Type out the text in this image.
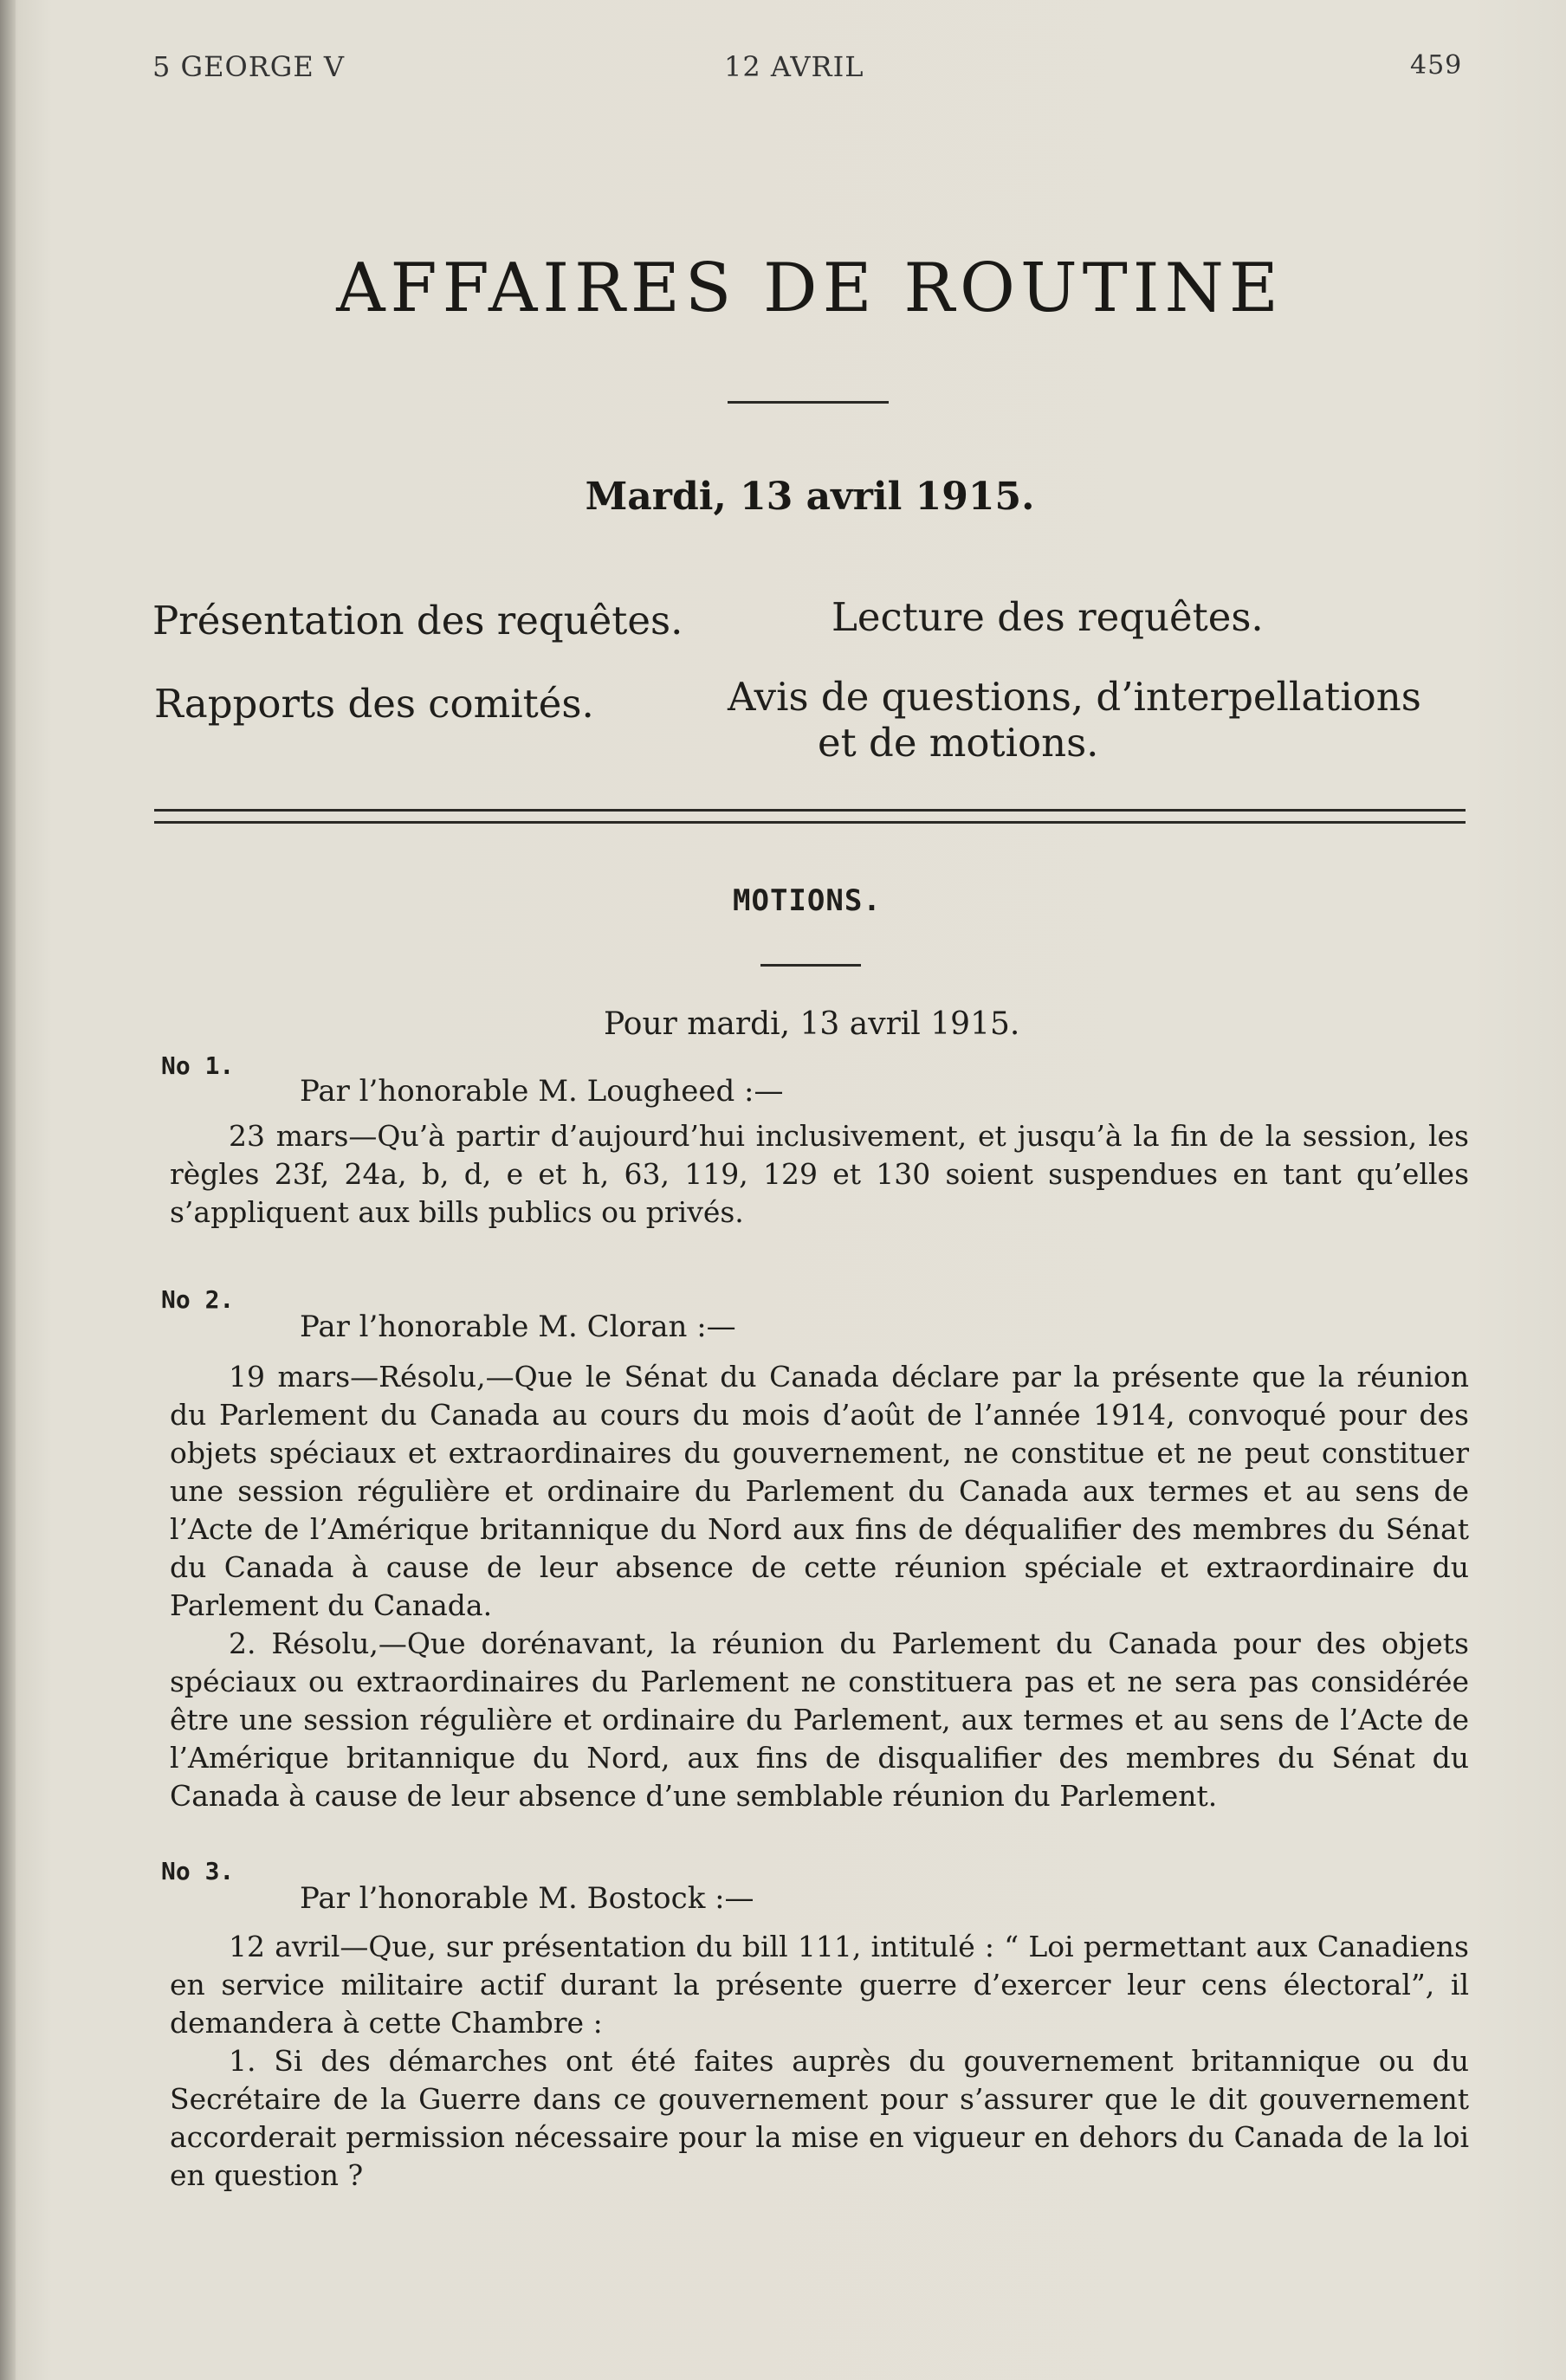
5 GEORGE V	12 AVRIL	459
AFFAIRES DE ROUTINE
Mardi, 13 avril 1915.
Présentation des requêtes.	Lecture des requêtes.
Rapports des comités.	Avis de questions, d’interpellations
et de motions.
MOTIONS.
Pour mardi, 13 avril 1915.
No 1.
Par l’honorable M. Lougheed :—

23 mars—Qu’à partir d’aujourd’hui inclusivement, et jusqu’à la fin de la session, les règles 23f, 24a, b, d, e et h, 63, 119, 129 et 130 soient suspendues en tant qu’elles s’appliquent aux bills publics ou privés.

No 2.
Par l’honorable M. Cloran :—

19 mars—Résolu,—Que le Sénat du Canada déclare par la présente que la réunion du Parlement du Canada au cours du mois d’août de l’année 1914, convoqué pour des objets spéciaux et extraordinaires du gouvernement, ne constitue et ne peut constituer une session régulière et ordinaire du Parlement du Canada aux termes et au sens de l’Acte de l’Amérique britannique du Nord aux fins de déqualifier des membres du Sénat du Canada à cause de leur absence de cette réunion spéciale et extraordinaire du Parlement du Canada.

2. Résolu,—Que dorénavant, la réunion du Parlement du Canada pour des objets spéciaux ou extraordinaires du Parlement ne constituera pas et ne sera pas considérée être une session régulière et ordinaire du Parlement, aux termes et au sens de l’Acte de l’Amérique britannique du Nord, aux fins de disqualifier des membres du Sénat du Canada à cause de leur absence d’une semblable réunion du Parlement.

No 3.
Par l’honorable M. Bostock :—

12 avril—Que, sur présentation du bill 111, intitulé : “ Loi permettant aux Canadiens en service militaire actif durant la présente guerre d’exercer leur cens électoral”, il demandera à cette Chambre :

1. Si des démarches ont été faites auprès du gouvernement britannique ou du Secrétaire de la Guerre dans ce gouvernement pour s’assurer que le dit gouvernement accorderait permission nécessaire pour la mise en vigueur en dehors du Canada de la loi en question ?
